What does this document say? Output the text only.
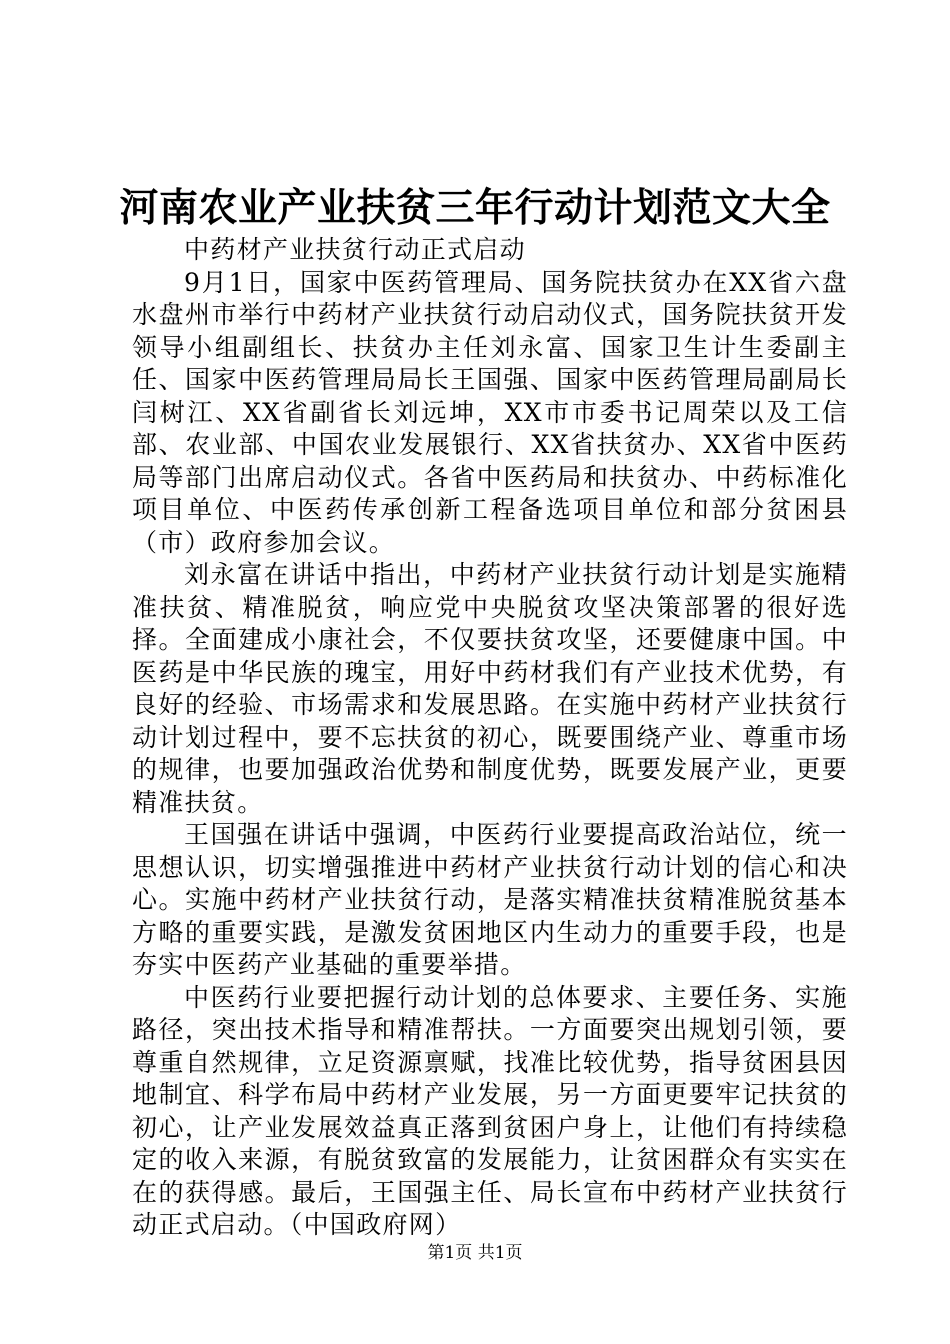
河南农业产业扶贫三年行动计划范文大全

中药材产业扶贫行动正式启动

9月1日，国家中医药管理局、国务院扶贫办在XX省六盘水盘州市举行中药材产业扶贫行动启动仪式，国务院扶贫开发领导小组副组长、扶贫办主任刘永富、国家卫生计生委副主任、国家中医药管理局局长王国强、国家中医药管理局副局长闫树江、XX省副省长刘远坤，XX市市委书记周荣以及工信部、农业部、中国农业发展银行、XX省扶贫办、XX省中医药局等部门出席启动仪式。各省中医药局和扶贫办、中药标准化项目单位、中医药传承创新工程备选项目单位和部分贫困县（市）政府参加会议。

刘永富在讲话中指出，中药材产业扶贫行动计划是实施精准扶贫、精准脱贫，响应党中央脱贫攻坚决策部署的很好选择。全面建成小康社会，不仅要扶贫攻坚，还要健康中国。中医药是中华民族的瑰宝，用好中药材我们有产业技术优势，有良好的经验、市场需求和发展思路。在实施中药材产业扶贫行动计划过程中，要不忘扶贫的初心，既要围绕产业、尊重市场的规律，也要加强政治优势和制度优势，既要发展产业，更要精准扶贫。

王国强在讲话中强调，中医药行业要提高政治站位，统一思想认识，切实增强推进中药材产业扶贫行动计划的信心和决心。实施中药材产业扶贫行动，是落实精准扶贫精准脱贫基本方略的重要实践，是激发贫困地区内生动力的重要手段，也是夯实中医药产业基础的重要举措。

中医药行业要把握行动计划的总体要求、主要任务、实施路径，突出技术指导和精准帮扶。一方面要突出规划引领，要尊重自然规律，立足资源禀赋，找准比较优势，指导贫困县因地制宜、科学布局中药材产业发展，另一方面更要牢记扶贫的初心，让产业发展效益真正落到贫困户身上，让他们有持续稳定的收入来源，有脱贫致富的发展能力，让贫困群众有实实在在的获得感。最后，王国强主任、局长宣布中药材产业扶贫行动正式启动。（中国政府网）

第1页 共1页
